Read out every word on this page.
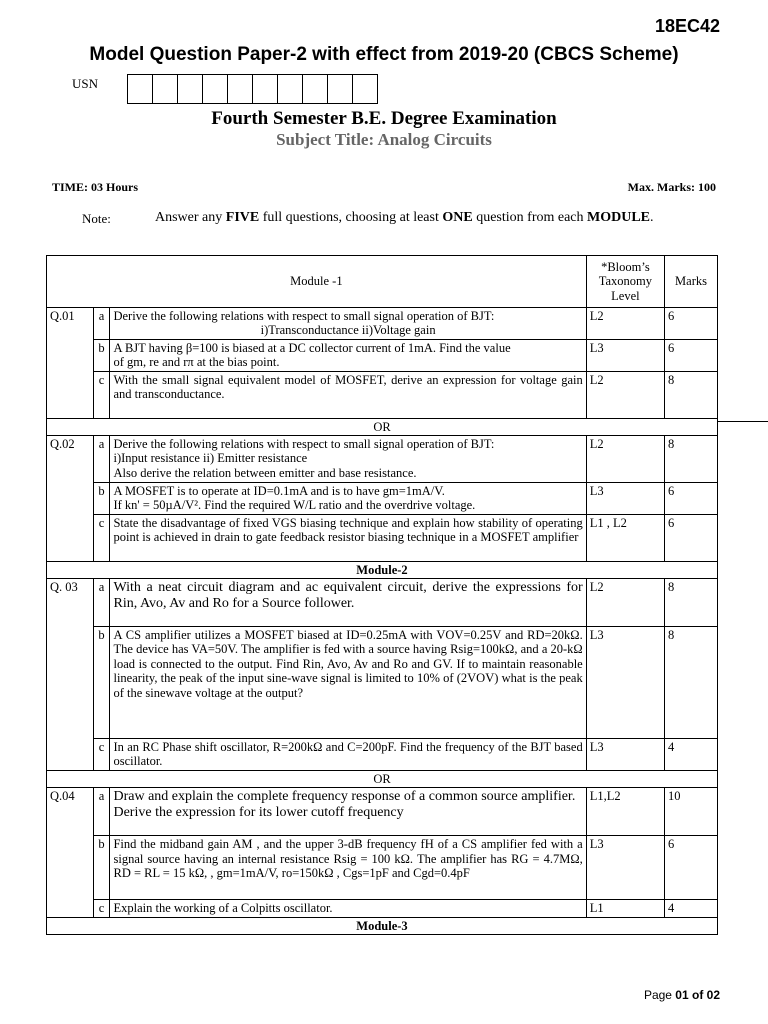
18EC42
Model Question Paper-2 with effect from 2019-20 (CBCS Scheme)
USN
Fourth Semester B.E. Degree Examination
Subject Title: Analog Circuits
TIME: 03 Hours	Max. Marks: 100
Note:	Answer any FIVE full questions, choosing at least ONE question from each MODULE.
Module -1			*Bloom’s Taxonomy Level	Marks
Q.01	a	Derive the following relations with respect to small signal operation of BJT:
i)Transconductance ii)Voltage gain	L2	6
	b	A BJT having β=100 is biased at a DC collector current of 1mA. Find the value
of gm, re and rπ at the bias point.	L3	6
	c	With the small signal equivalent model of MOSFET, derive an expression for voltage gain and transconductance.	L2	8
OR				
Q.02	a	Derive the following relations with respect to small signal operation of BJT:
i)Input resistance ii) Emitter resistance
Also derive the relation between emitter and base resistance.	L2	8
	b	A MOSFET is to operate at ID=0.1mA and is to have gm=1mA/V.
If kn' = 50µA/V². Find the required W/L ratio and the overdrive voltage.	L3	6
	c	State the disadvantage of fixed VGS biasing technique and explain how stability of operating point is achieved in drain to gate feedback resistor biasing technique in a MOSFET amplifier	L1 , L2	6
Module-2				
Q. 03	a	With a neat circuit diagram and ac equivalent circuit, derive the expressions for Rin, Avo, Av and Ro for a Source follower.	L2	8
	b	A CS amplifier utilizes a MOSFET biased at ID=0.25mA with VOV=0.25V and RD=20kΩ. The device has VA=50V. The amplifier is fed with a source having Rsig=100kΩ, and a 20-kΩ load is connected to the output. Find Rin, Avo, Av and Ro and GV. If to maintain reasonable linearity, the peak of the input sine-wave signal is limited to 10% of (2VOV) what is the peak of the sinewave voltage at the output?	L3	8
	c	In an RC Phase shift oscillator, R=200kΩ and C=200pF. Find the frequency of the BJT based oscillator.	L3	4
OR				
Q.04	a	Draw and explain the complete frequency response of a common source amplifier. Derive the expression for its lower cutoff frequency	L1,L2	10
	b	Find the midband gain AM , and the upper 3-dB frequency fH of a CS amplifier fed with a signal source having an internal resistance Rsig = 100 kΩ. The amplifier has RG = 4.7MΩ, RD = RL = 15 kΩ, , gm=1mA/V, ro=150kΩ , Cgs=1pF and Cgd=0.4pF	L3	6
	c	Explain the working of a Colpitts oscillator.	L1	4
Module-3				
Page 01 of 02
